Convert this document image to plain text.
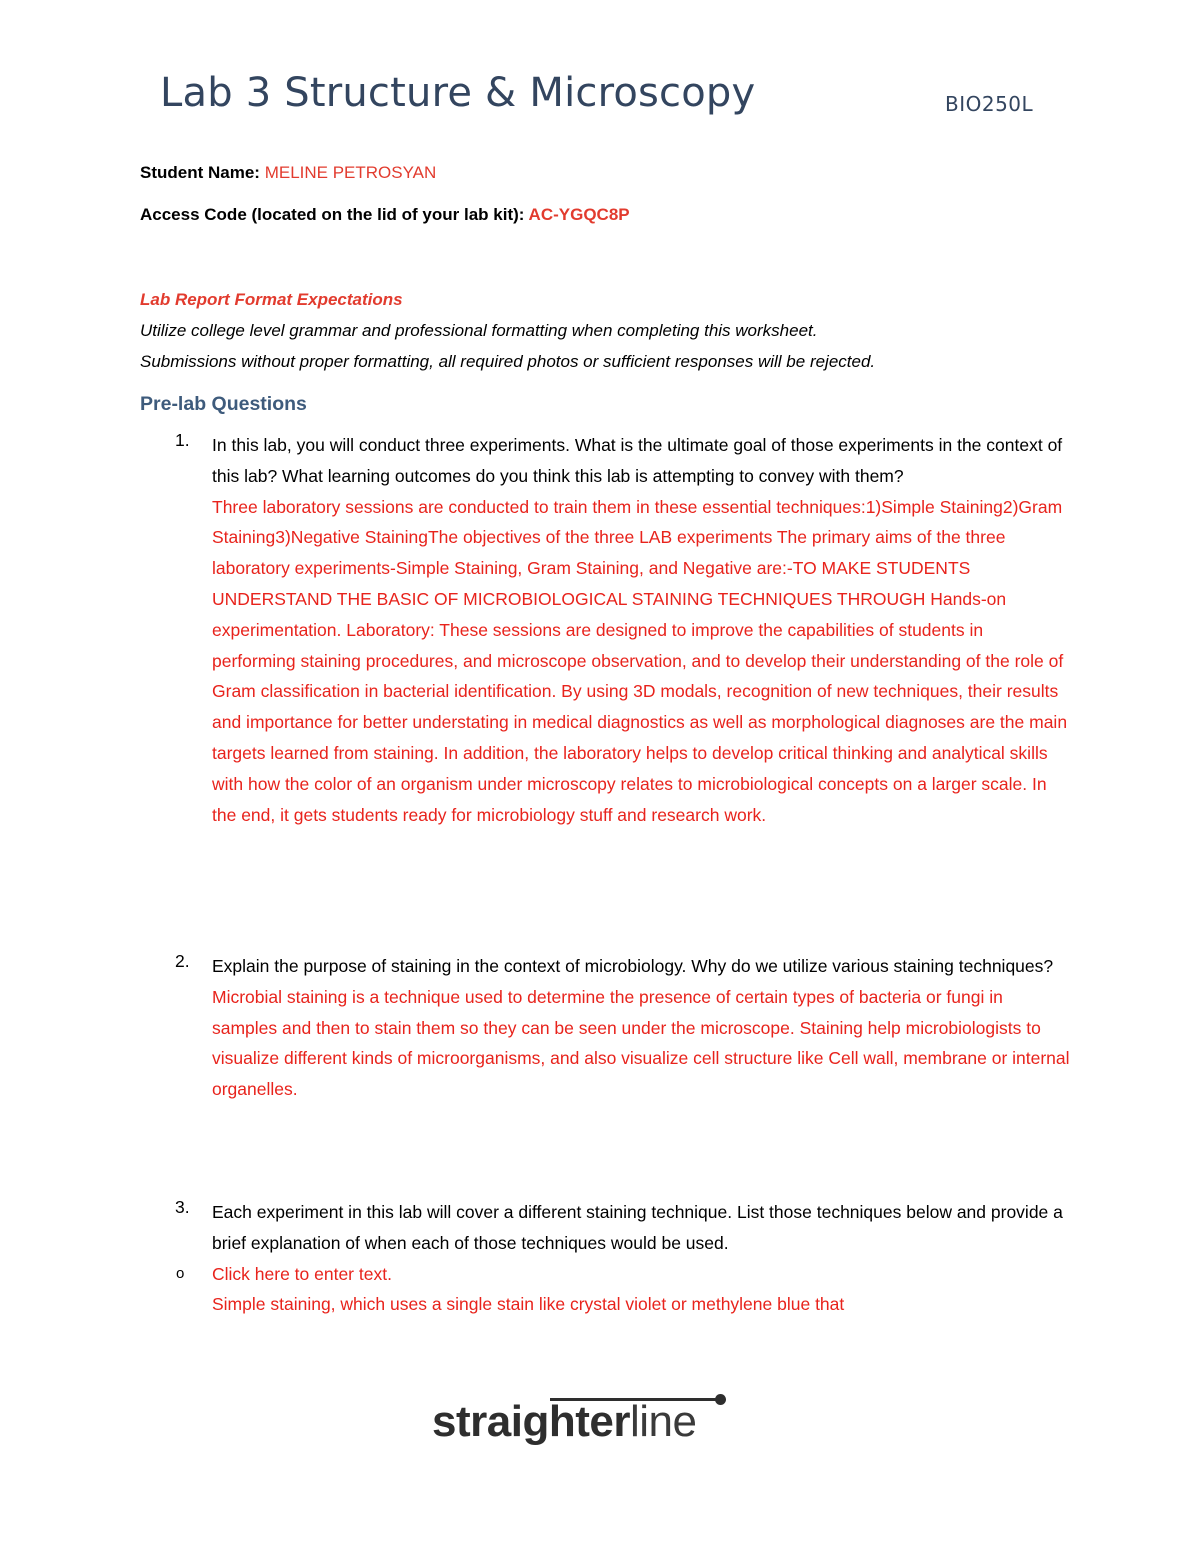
Lab 3 Structure & Microscopy	BIO250L
Student Name: MELINE PETROSYAN
Access Code (located on the lid of your lab kit): AC-YGQC8P
Lab Report Format Expectations
Utilize college level grammar and professional formatting when completing this worksheet.
Submissions without proper formatting, all required photos or sufficient responses will be rejected.
Pre-lab Questions
1. In this lab, you will conduct three experiments. What is the ultimate goal of those experiments in the context of this lab? What learning outcomes do you think this lab is attempting to convey with them?
Three laboratory sessions are conducted to train them in these essential techniques:1)Simple Staining2)Gram Staining3)Negative StainingThe objectives of the three LAB experiments The primary aims of the three laboratory experiments-Simple Staining, Gram Staining, and Negative are:-TO MAKE STUDENTS UNDERSTAND THE BASIC OF MICROBIOLOGICAL STAINING TECHNIQUES THROUGH Hands-on experimentation. Laboratory: These sessions are designed to improve the capabilities of students in performing staining procedures, and microscope observation, and to develop their understanding of the role of Gram classification in bacterial identification. By using 3D modals, recognition of new techniques, their results and importance for better understating in medical diagnostics as well as morphological diagnoses are the main targets learned from staining. In addition, the laboratory helps to develop critical thinking and analytical skills with how the color of an organism under microscopy relates to microbiological concepts on a larger scale. In the end, it gets students ready for microbiology stuff and research work.
2. Explain the purpose of staining in the context of microbiology. Why do we utilize various staining techniques?
Microbial staining is a technique used to determine the presence of certain types of bacteria or fungi in samples and then to stain them so they can be seen under the microscope. Staining help microbiologists to visualize different kinds of microorganisms, and also visualize cell structure like Cell wall, membrane or internal organelles.
3. Each experiment in this lab will cover a different staining technique. List those techniques below and provide a brief explanation of when each of those techniques would be used.
o Click here to enter text.
Simple staining, which uses a single stain like crystal violet or methylene blue that
straighterline
